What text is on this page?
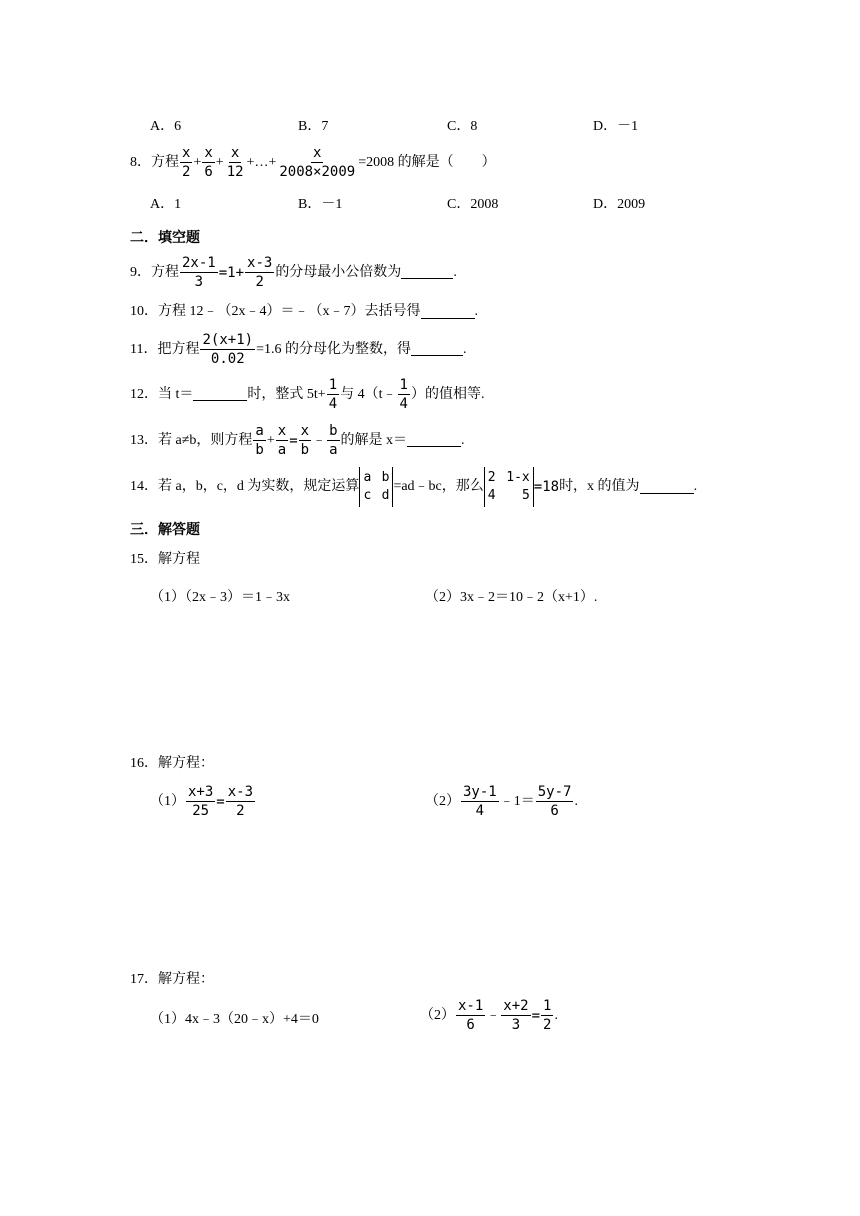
A．6	B．7	C．8	D．－1
8． 方程 $\frac{x}{2} + \frac{x}{6} + \frac{x}{12}$ +…+ $\frac{x}{2008\times 2009} =2008$ 的解是（　　）
A．1	B．－1	C．2008	D．2009
二．填空题
9． 方程 $\frac{2x-1}{3} =1+ \frac{x-3}{2}$ 的分母最小公倍数为	.
10． 方程 12﹣（2x﹣4）＝﹣（x﹣7）去括号得	.
11． 把方程 $\frac{2(x+1)}{0.02} =1.6$ 的分母化为整数，得	.
12． 当 t＝	时，整式 $5t+ \frac{1}{4}$ 与 4（t﹣ $\frac{1}{4}$ ）的值相等.
13． 若 a≠b，则方程 $\frac{a}{b} + \frac{x}{a} = \frac{x}{b}$ ﹣ $\frac{b}{a}$ 的解是 x＝	.
14． 若 a，b，c，d 为实数，规定运算
a b
c d
=ad﹣bc，那么
2 1-x
4 5
=18 时，x 的值为	.
三．解答题
15． 解方程
（1）（2x﹣3）＝1﹣3x	（2）3x﹣2＝10﹣2（x+1）.
16． 解方程：
$(1) \frac{x+3}{25} = \frac{x-3}{2}$	$(2) \frac{3y-1}{4}$ ﹣1＝ $\frac{5y-7}{6}$ .
17． 解方程：
（1）4x﹣3（20﹣x）+4＝0	$(2) \frac{x-1}{6}$ ﹣ $\frac{x+2}{3} = \frac{1}{2}$ .
